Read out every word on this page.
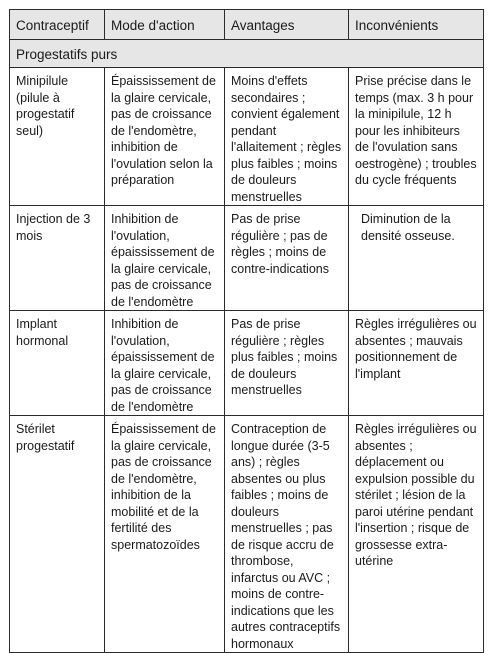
Contraceptif	Mode d'action	Avantages	Inconvénients
Progestatifs purs			
Minipilule (pilule à progestatif seul)	Épaississement de la glaire cervicale, pas de croissance de l'endomètre, inhibition de l'ovulation selon la préparation	Moins d'effets secondaires ; convient également pendant l'allaitement ; règles plus faibles ; moins de douleurs menstruelles	Prise précise dans le temps (max. 3 h pour la minipilule, 12 h pour les inhibiteurs de l'ovulation sans oestrogène) ; troubles du cycle fréquents
Injection de 3 mois	Inhibition de l'ovulation, épaississement de la glaire cervicale, pas de croissance de l'endomètre	Pas de prise régulière ; pas de règles ; moins de contre-indications	Diminution de la densité osseuse.
Implant hormonal	Inhibition de l'ovulation, épaississement de la glaire cervicale, pas de croissance de l'endomètre	Pas de prise régulière ; règles plus faibles ; moins de douleurs menstruelles	Règles irrégulières ou absentes ; mauvais positionnement de l'implant
Stérilet progestatif	Épaississement de la glaire cervicale, pas de croissance de l'endomètre, inhibition de la mobilité et de la fertilité des spermatozoïdes	Contraception de longue durée (3-5 ans) ; règles absentes ou plus faibles ; moins de douleurs menstruelles ; pas de risque accru de thrombose, infarctus ou AVC ; moins de contre-indications que les autres contraceptifs hormonaux	Règles irrégulières ou absentes ; déplacement ou expulsion possible du stérilet ; lésion de la paroi utérine pendant l'insertion ; risque de grossesse extra-utérine
